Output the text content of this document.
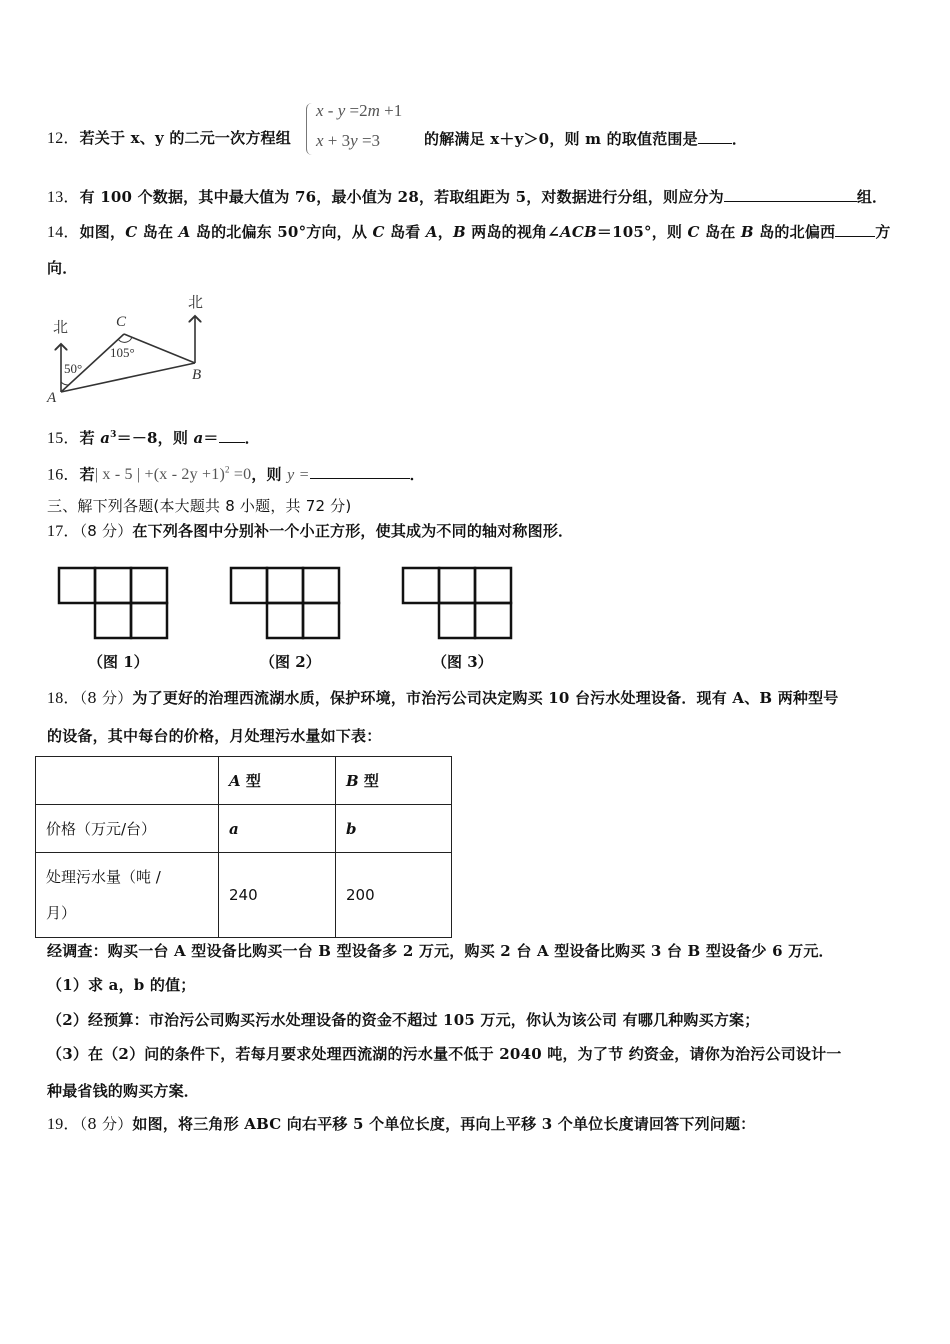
12．若关于 x、y 的二元一次方程组
x - y =2m +1
x + 3y =3	的解满足 x＋y＞0，则 m 的取值范围是 ．
13．有 100 个数据，其中最大值为 76，最小值为 28，若取组距为 5，对数据进行分组，则应分为	组．
14．如图，C 岛在 A 岛的北偏东 50°方向，从 C 岛看 A，B 两岛的视角∠ACB＝105°，则 C 岛在 B 岛的北偏西	方
向．
北
北
C
A
B
50°
105°
15．若 $a^3=-8$，则 a＝ ．
16．若| x - 5 | $+(x - 2y +1)^2 =0$，则 y =	．
三、解下列各题(本大题共 8 小题，共 72 分)
17．（8 分）在下列各图中分别补一个小正方形，使其成为不同的轴对称图形．
（图 1）	（图 2）	（图 3）
18．（8 分）为了更好的治理西流湖水质，保护环境，市治污公司决定购买 10 台污水处理设备．现有 A、B 两种型号
的设备，其中每台的价格，月处理污水量如下表：
	A 型	B 型
价格（万元/台）	a	b

处理污水量（吨 /
月）	240	200
经调查：购买一台 A 型设备比购买一台 B 型设备多 2 万元，购买 2 台 A 型设备比购买 3 台 B 型设备少 6 万元．
（1）求 a，b 的值；
（2）经预算：市治污公司购买污水处理设备的资金不超过 105 万元，你认为该公司 有哪几种购买方案；
（3）在（2）问的条件下，若每月要求处理西流湖的污水量不低于 2040 吨，为了节 约资金，请你为治污公司设计一
种最省钱的购买方案．
19．（8 分）如图，将三角形 ABC 向右平移 5 个单位长度，再向上平移 3 个单位长度请回答下列问题：
